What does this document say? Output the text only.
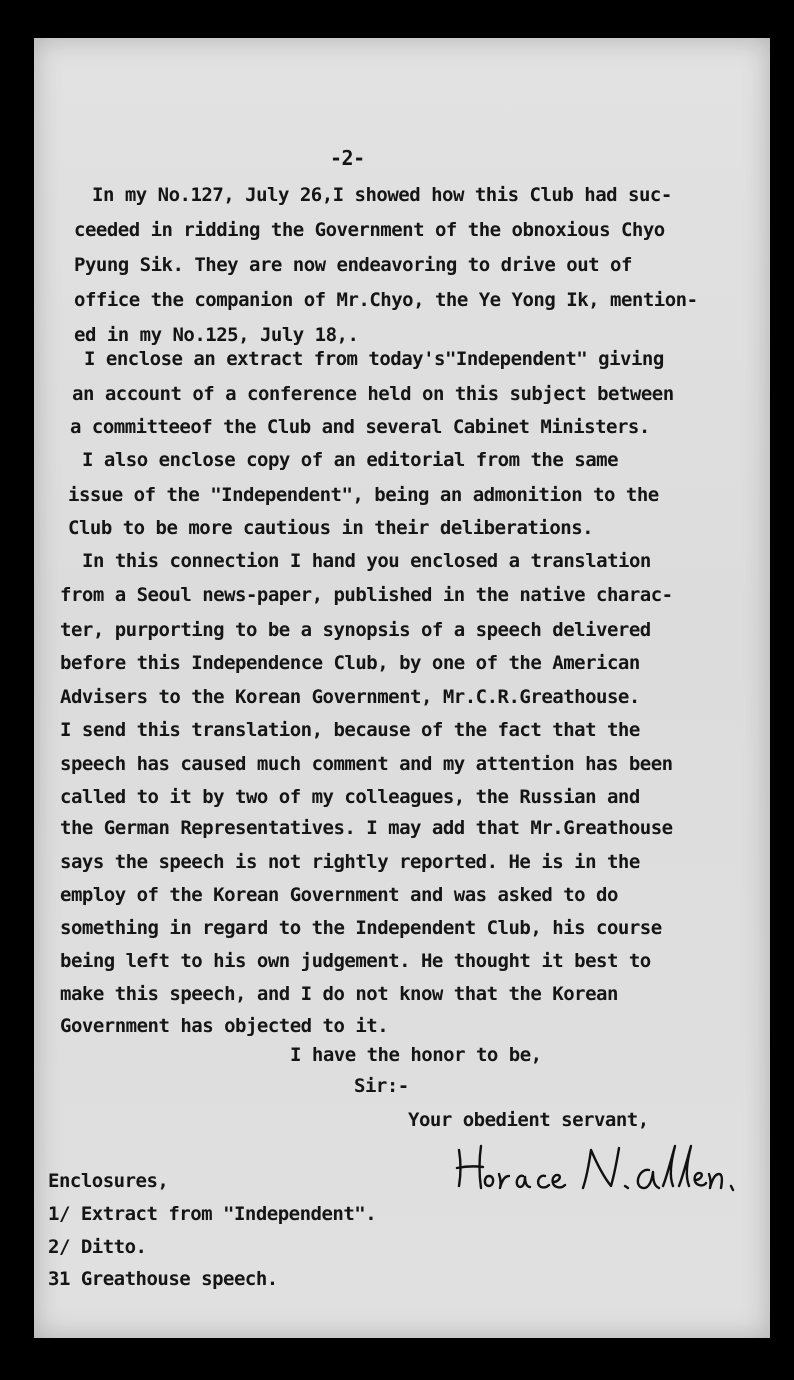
-2-

In my No.127, July 26,I showed how this Club had suc-

ceeded in ridding the Government of the obnoxious Chyo

Pyung Sik. They are now endeavoring to drive out of

office the companion of Mr.Chyo, the Ye Yong Ik, mention-

ed in my No.125, July 18,.

I enclose an extract from today's"Independent" giving

an account of a conference held on this subject between

a committeeof the Club and several Cabinet Ministers.

I also enclose copy of an editorial from the same

issue of the "Independent", being an admonition to the

Club to be more cautious in their deliberations.

In this connection I hand you enclosed a translation

from a Seoul news-paper, published in the native charac-

ter, purporting to be a synopsis of a speech delivered

before this Independence Club, by one of the American

Advisers to the Korean Government, Mr.C.R.Greathouse.

I send this translation, because of the fact that the

speech has caused much comment and my attention has been

called to it by two of my colleagues, the Russian and

the German Representatives. I may add that Mr.Greathouse

says the speech is not rightly reported. He is in the

employ of the Korean Government and was asked to do

something in regard to the Independent Club, his course

being left to his own judgement. He thought it best to

make this speech, and I do not know that the Korean

Government has objected to it.

I have the honor to be,

Sir:-

Your obedient servant,

Enclosures,

1/ Extract from "Independent".

2/ Ditto.

31 Greathouse speech.
